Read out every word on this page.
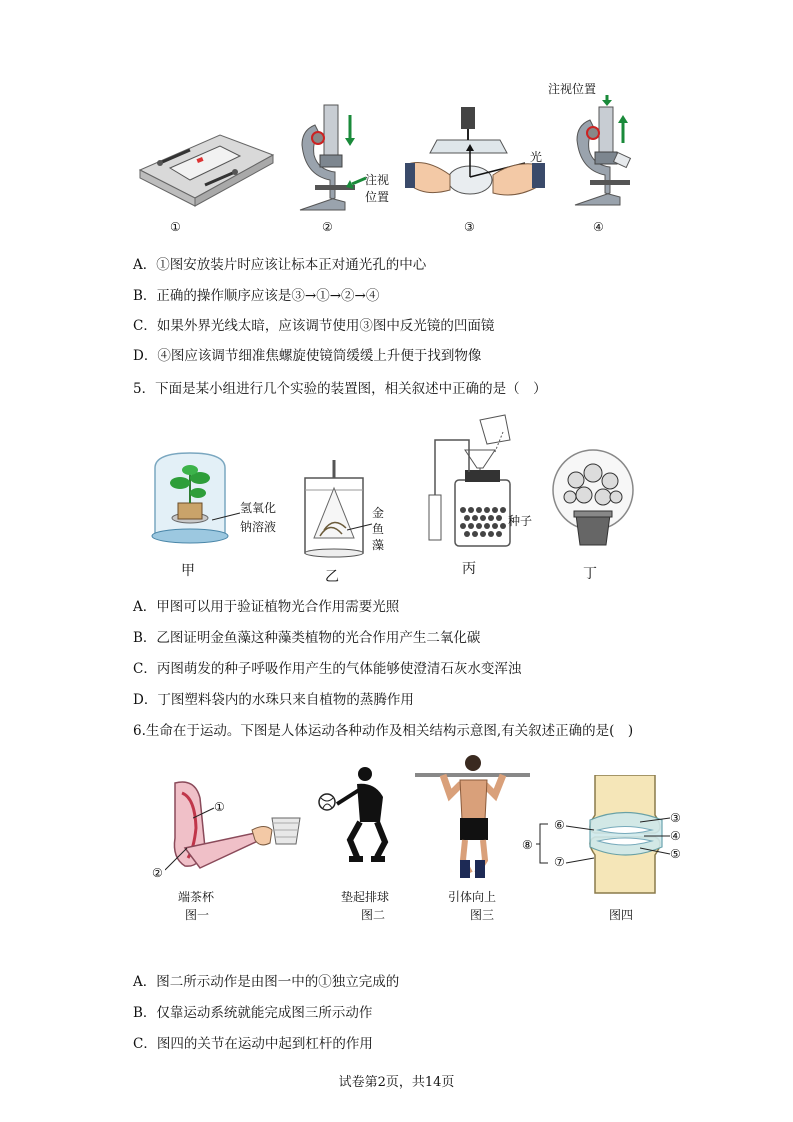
①
注视
位置
②
光
③
注视位置
④
A．①图安放装片时应该让标本正对通光孔的中心
B．正确的操作顺序应该是③→①→②→④
C．如果外界光线太暗，应该调节使用③图中反光镜的凹面镜
D．④图应该调节细准焦螺旋使镜筒缓缓上升便于找到物像
5．下面是某小组进行几个实验的装置图，相关叙述中正确的是（　）
氢氧化
钠溶液
甲
金鱼藻
乙
种子
丙	丁
A．甲图可以用于验证植物光合作用需要光照
B．乙图证明金鱼藻这种藻类植物的光合作用产生二氧化碳
C．丙图萌发的种子呼吸作用产生的气体能够使澄清石灰水变浑浊
D．丁图塑料袋内的水珠只来自植物的蒸腾作用
6.生命在于运动。下图是人体运动各种动作及相关结构示意图,有关叙述正确的是(　)
①
②
端茶杯
图一
垫起排球
图二
引体向上
图三
⑥
⑦
⑧
③
④
⑤
图四
A．图二所示动作是由图一中的①独立完成的
B．仅靠运动系统就能完成图三所示动作
C．图四的关节在运动中起到杠杆的作用
试卷第2页，共14页
